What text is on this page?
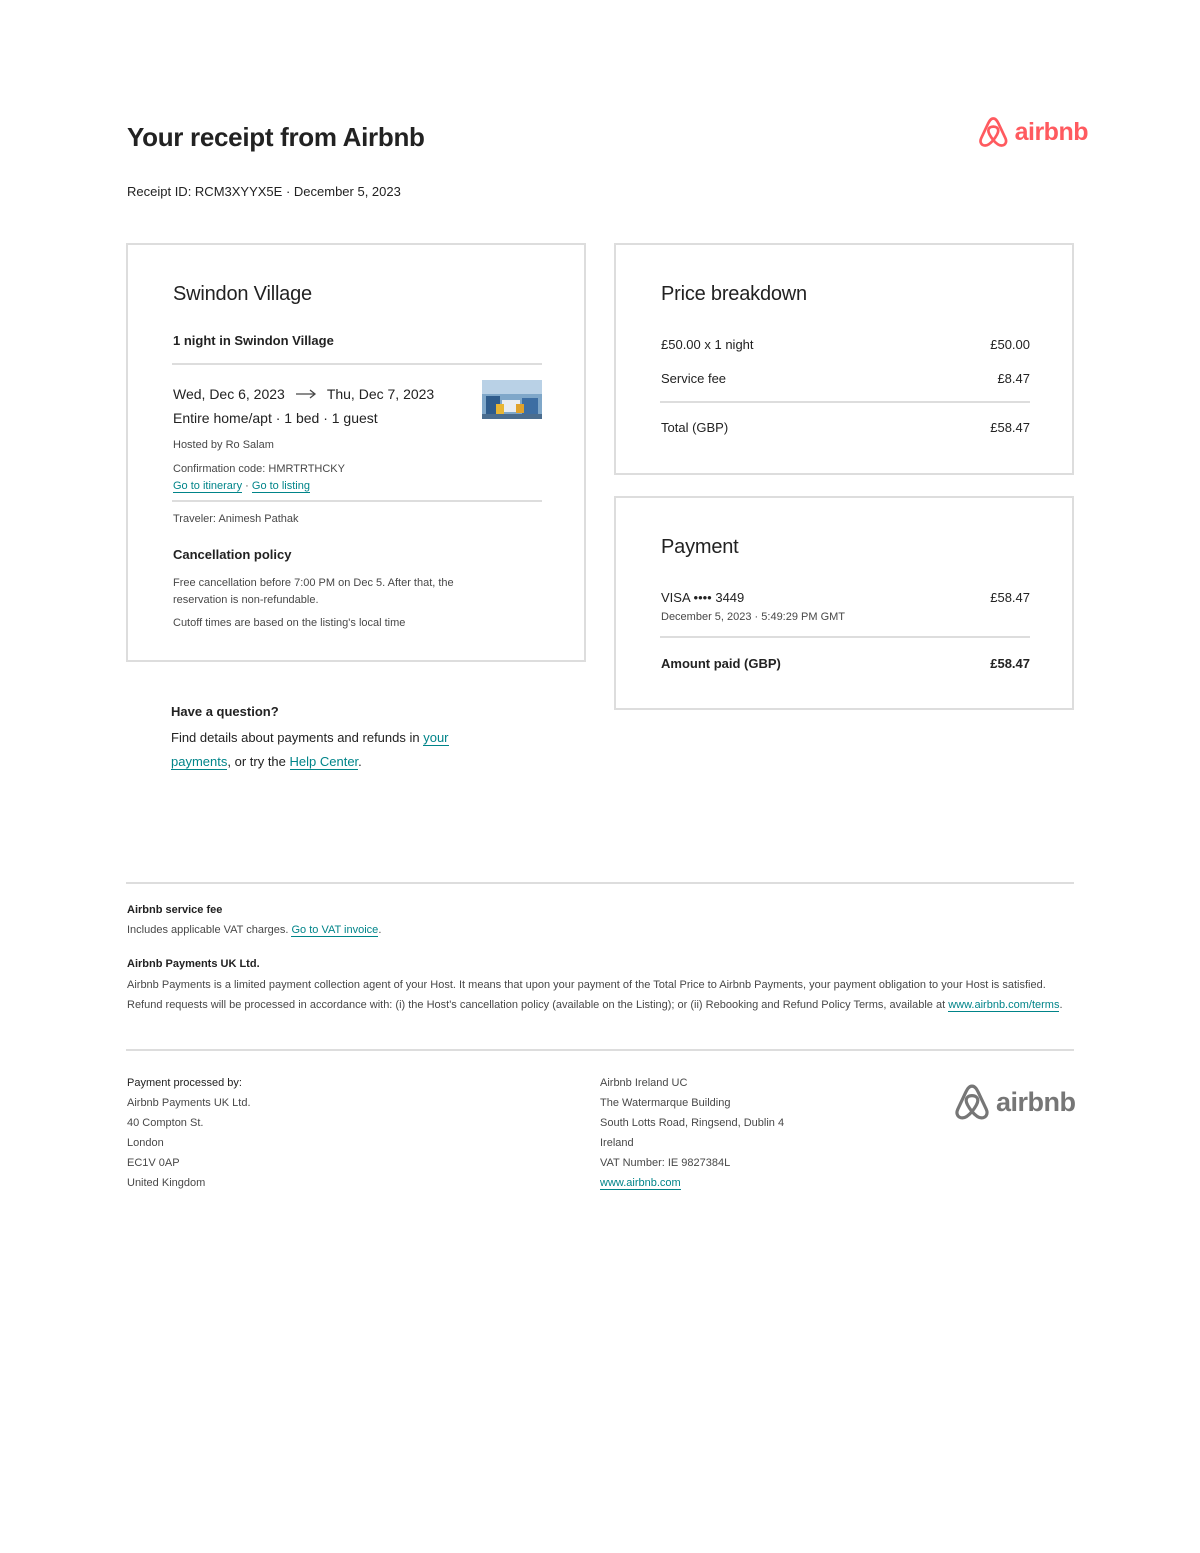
Your receipt from Airbnb	airbnb
Receipt ID: RCM3XYYX5E · December 5, 2023
Swindon Village
1 night in Swindon Village
Wed, Dec 6, 2023	Thu, Dec 7, 2023
Entire home/apt · 1 bed · 1 guest
Hosted by Ro Salam
Confirmation code: HMRTRTHCKY
Go to itinerary · Go to listing
Traveler: Animesh Pathak
Cancellation policy
Free cancellation before 7:00 PM on Dec 5. After that, the reservation is non-refundable.
Cutoff times are based on the listing's local time
Have a question?
Find details about payments and refunds in your payments, or try the Help Center.
Price breakdown
£50.00 x 1 night	£50.00
Service fee	£8.47
Total (GBP)	£58.47
Payment
VISA •••• 3449	£58.47
December 5, 2023 · 5:49:29 PM GMT
Amount paid (GBP)	£58.47
Airbnb service fee
Includes applicable VAT charges. Go to VAT invoice.
Airbnb Payments UK Ltd.
Airbnb Payments is a limited payment collection agent of your Host. It means that upon your payment of the Total Price to Airbnb Payments, your payment obligation to your Host is satisfied. Refund requests will be processed in accordance with: (i) the Host's cancellation policy (available on the Listing); or (ii) Rebooking and Refund Policy Terms, available at www.airbnb.com/terms.
Payment processed by:
Airbnb Payments UK Ltd.
40 Compton St.
London
EC1V 0AP
United Kingdom
Airbnb Ireland UC
The Watermarque Building
South Lotts Road, Ringsend, Dublin 4
Ireland
VAT Number: IE 9827384L
www.airbnb.com
airbnb
